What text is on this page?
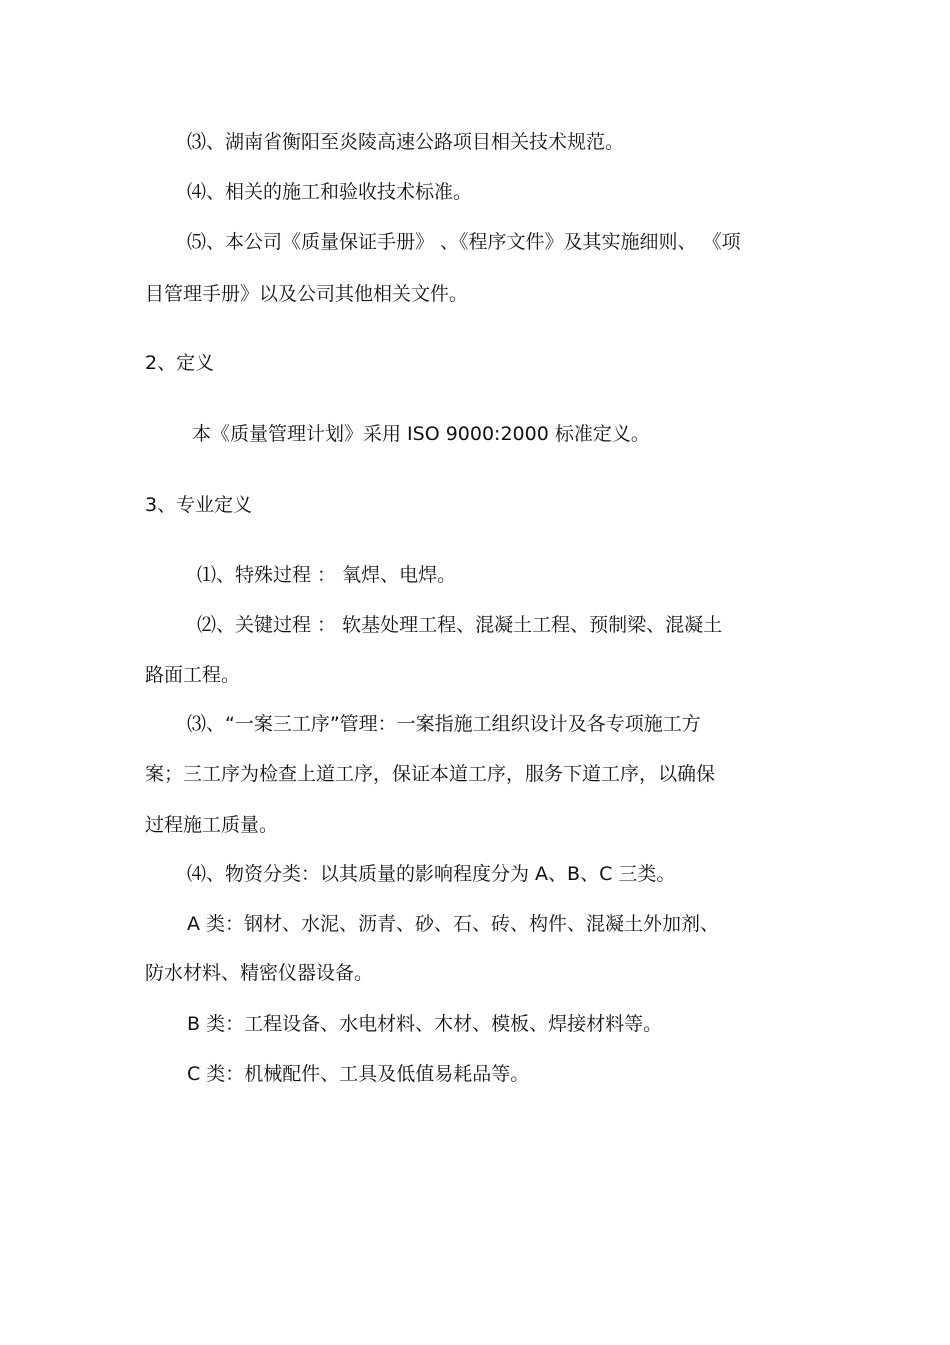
⑶、湖南省衡阳至炎陵高速公路项目相关技术规范。
⑷、相关的施工和验收技术标准。
⑸、本公司《质量保证手册》 、《程序文件》及其实施细则、 《项
目管理手册》以及公司其他相关文件。
2、定义
本《质量管理计划》采用 ISO 9000:2000 标准定义。
3、专业定义
⑴、特殊过程 ： 氧焊、电焊。
⑵、关键过程 ： 软基处理工程、混凝土工程、预制梁、混凝土
路面工程。
⑶、“一案三工序”管理：一案指施工组织设计及各专项施工方
案；三工序为检查上道工序，保证本道工序，服务下道工序，以确保
过程施工质量。
⑷、物资分类：以其质量的影响程度分为 A、B、C 三类。
A 类：钢材、水泥、沥青、砂、石、砖、构件、混凝土外加剂、
防水材料、精密仪器设备。
B 类：工程设备、水电材料、木材、模板、焊接材料等。
C 类：机械配件、工具及低值易耗品等。
